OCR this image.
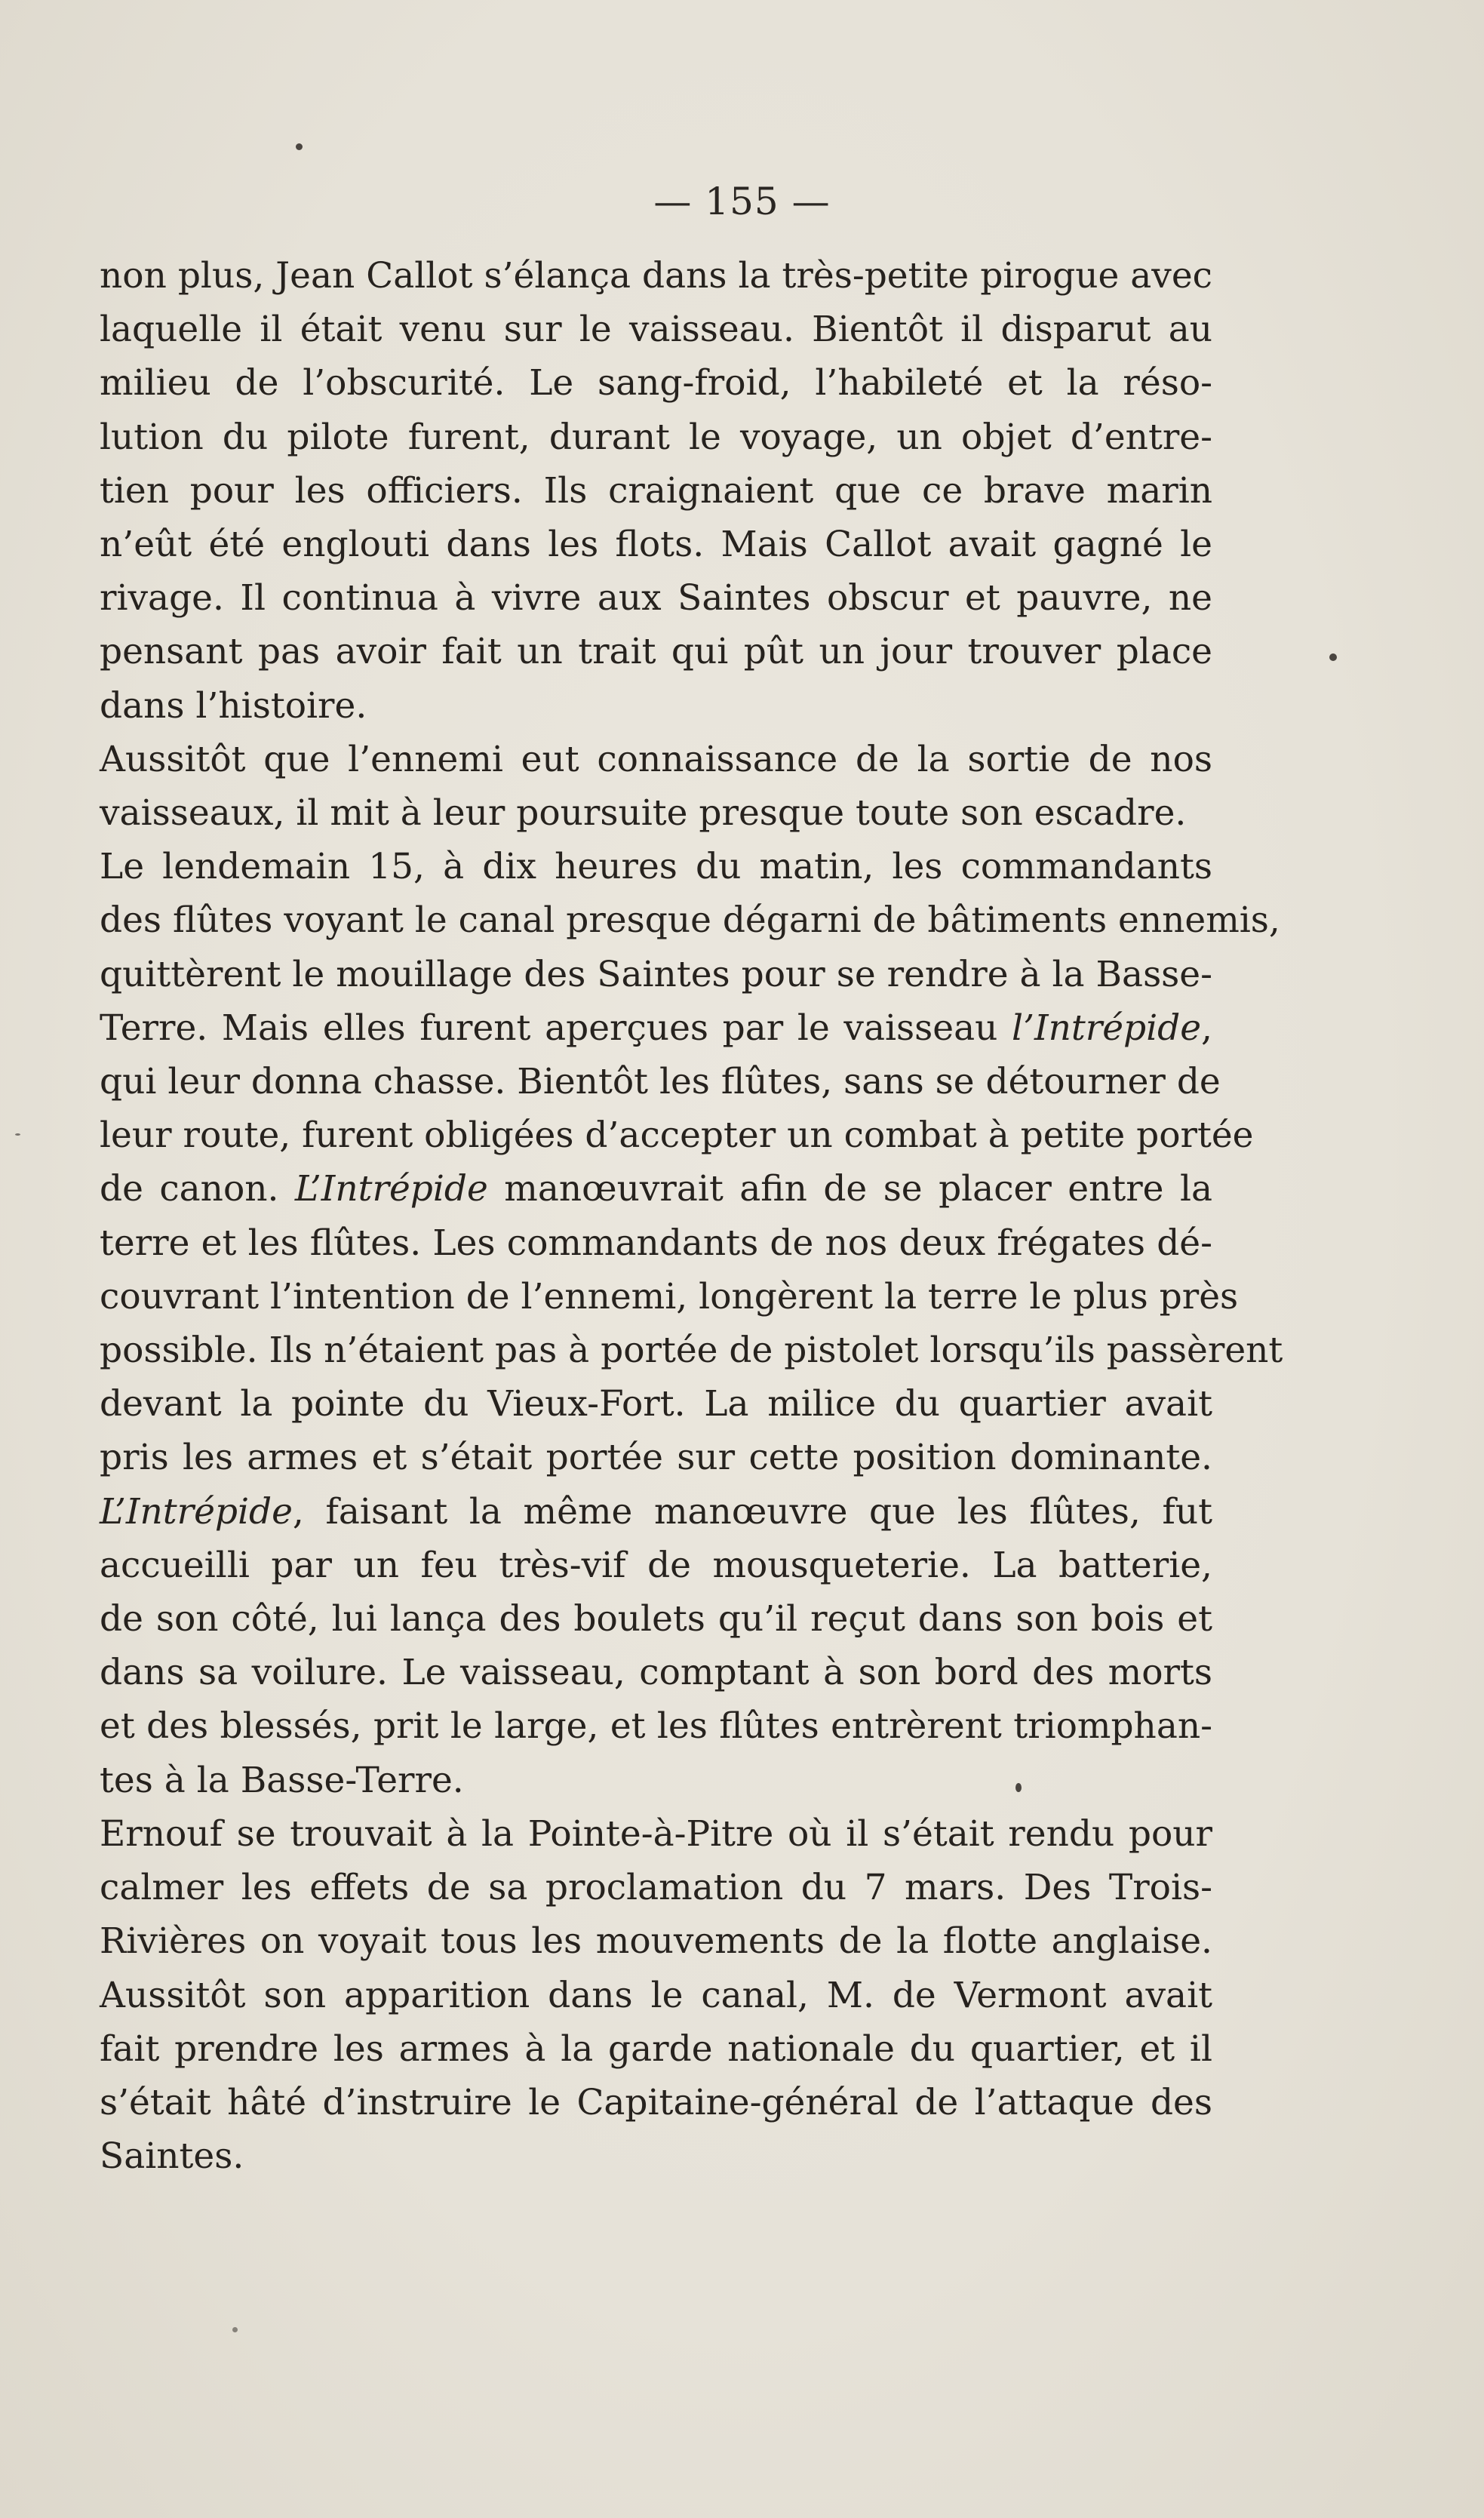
— 155 —

non plus, Jean Callot s’élança dans la très-petite pirogue avec
laquelle il était venu sur le vaisseau. Bientôt il disparut au
milieu de l’obscurité. Le sang-froid, l’habileté et la réso-
lution du pilote furent, durant le voyage, un objet d’entre-
tien pour les officiers. Ils craignaient que ce brave marin
n’eût été englouti dans les flots. Mais Callot avait gagné le
rivage. Il continua à vivre aux Saintes obscur et pauvre, ne
pensant pas avoir fait un trait qui pût un jour trouver place
dans l’histoire.

Aussitôt que l’ennemi eut connaissance de la sortie de nos
vaisseaux, il mit à leur poursuite presque toute son escadre.

Le lendemain 15, à dix heures du matin, les commandants
des flûtes voyant le canal presque dégarni de bâtiments ennemis,
quittèrent le mouillage des Saintes pour se rendre à la Basse-
Terre. Mais elles furent aperçues par le vaisseau l’Intrépide,
qui leur donna chasse. Bientôt les flûtes, sans se détourner de
leur route, furent obligées d’accepter un combat à petite portée
de canon. L’Intrépide manœuvrait afin de se placer entre la
terre et les flûtes. Les commandants de nos deux frégates dé-
couvrant l’intention de l’ennemi, longèrent la terre le plus près
possible. Ils n’étaient pas à portée de pistolet lorsqu’ils passèrent
devant la pointe du Vieux-Fort. La milice du quartier avait
pris les armes et s’était portée sur cette position dominante.
L’Intrépide, faisant la même manœuvre que les flûtes, fut
accueilli par un feu très-vif de mousqueterie. La batterie,
de son côté, lui lança des boulets qu’il reçut dans son bois et
dans sa voilure. Le vaisseau, comptant à son bord des morts
et des blessés, prit le large, et les flûtes entrèrent triomphan-
tes à la Basse-Terre.

Ernouf se trouvait à la Pointe-à-Pitre où il s’était rendu pour
calmer les effets de sa proclamation du 7 mars. Des Trois-
Rivières on voyait tous les mouvements de la flotte anglaise.
Aussitôt son apparition dans le canal, M. de Vermont avait
fait prendre les armes à la garde nationale du quartier, et il
s’était hâté d’instruire le Capitaine-général de l’attaque des
Saintes.
